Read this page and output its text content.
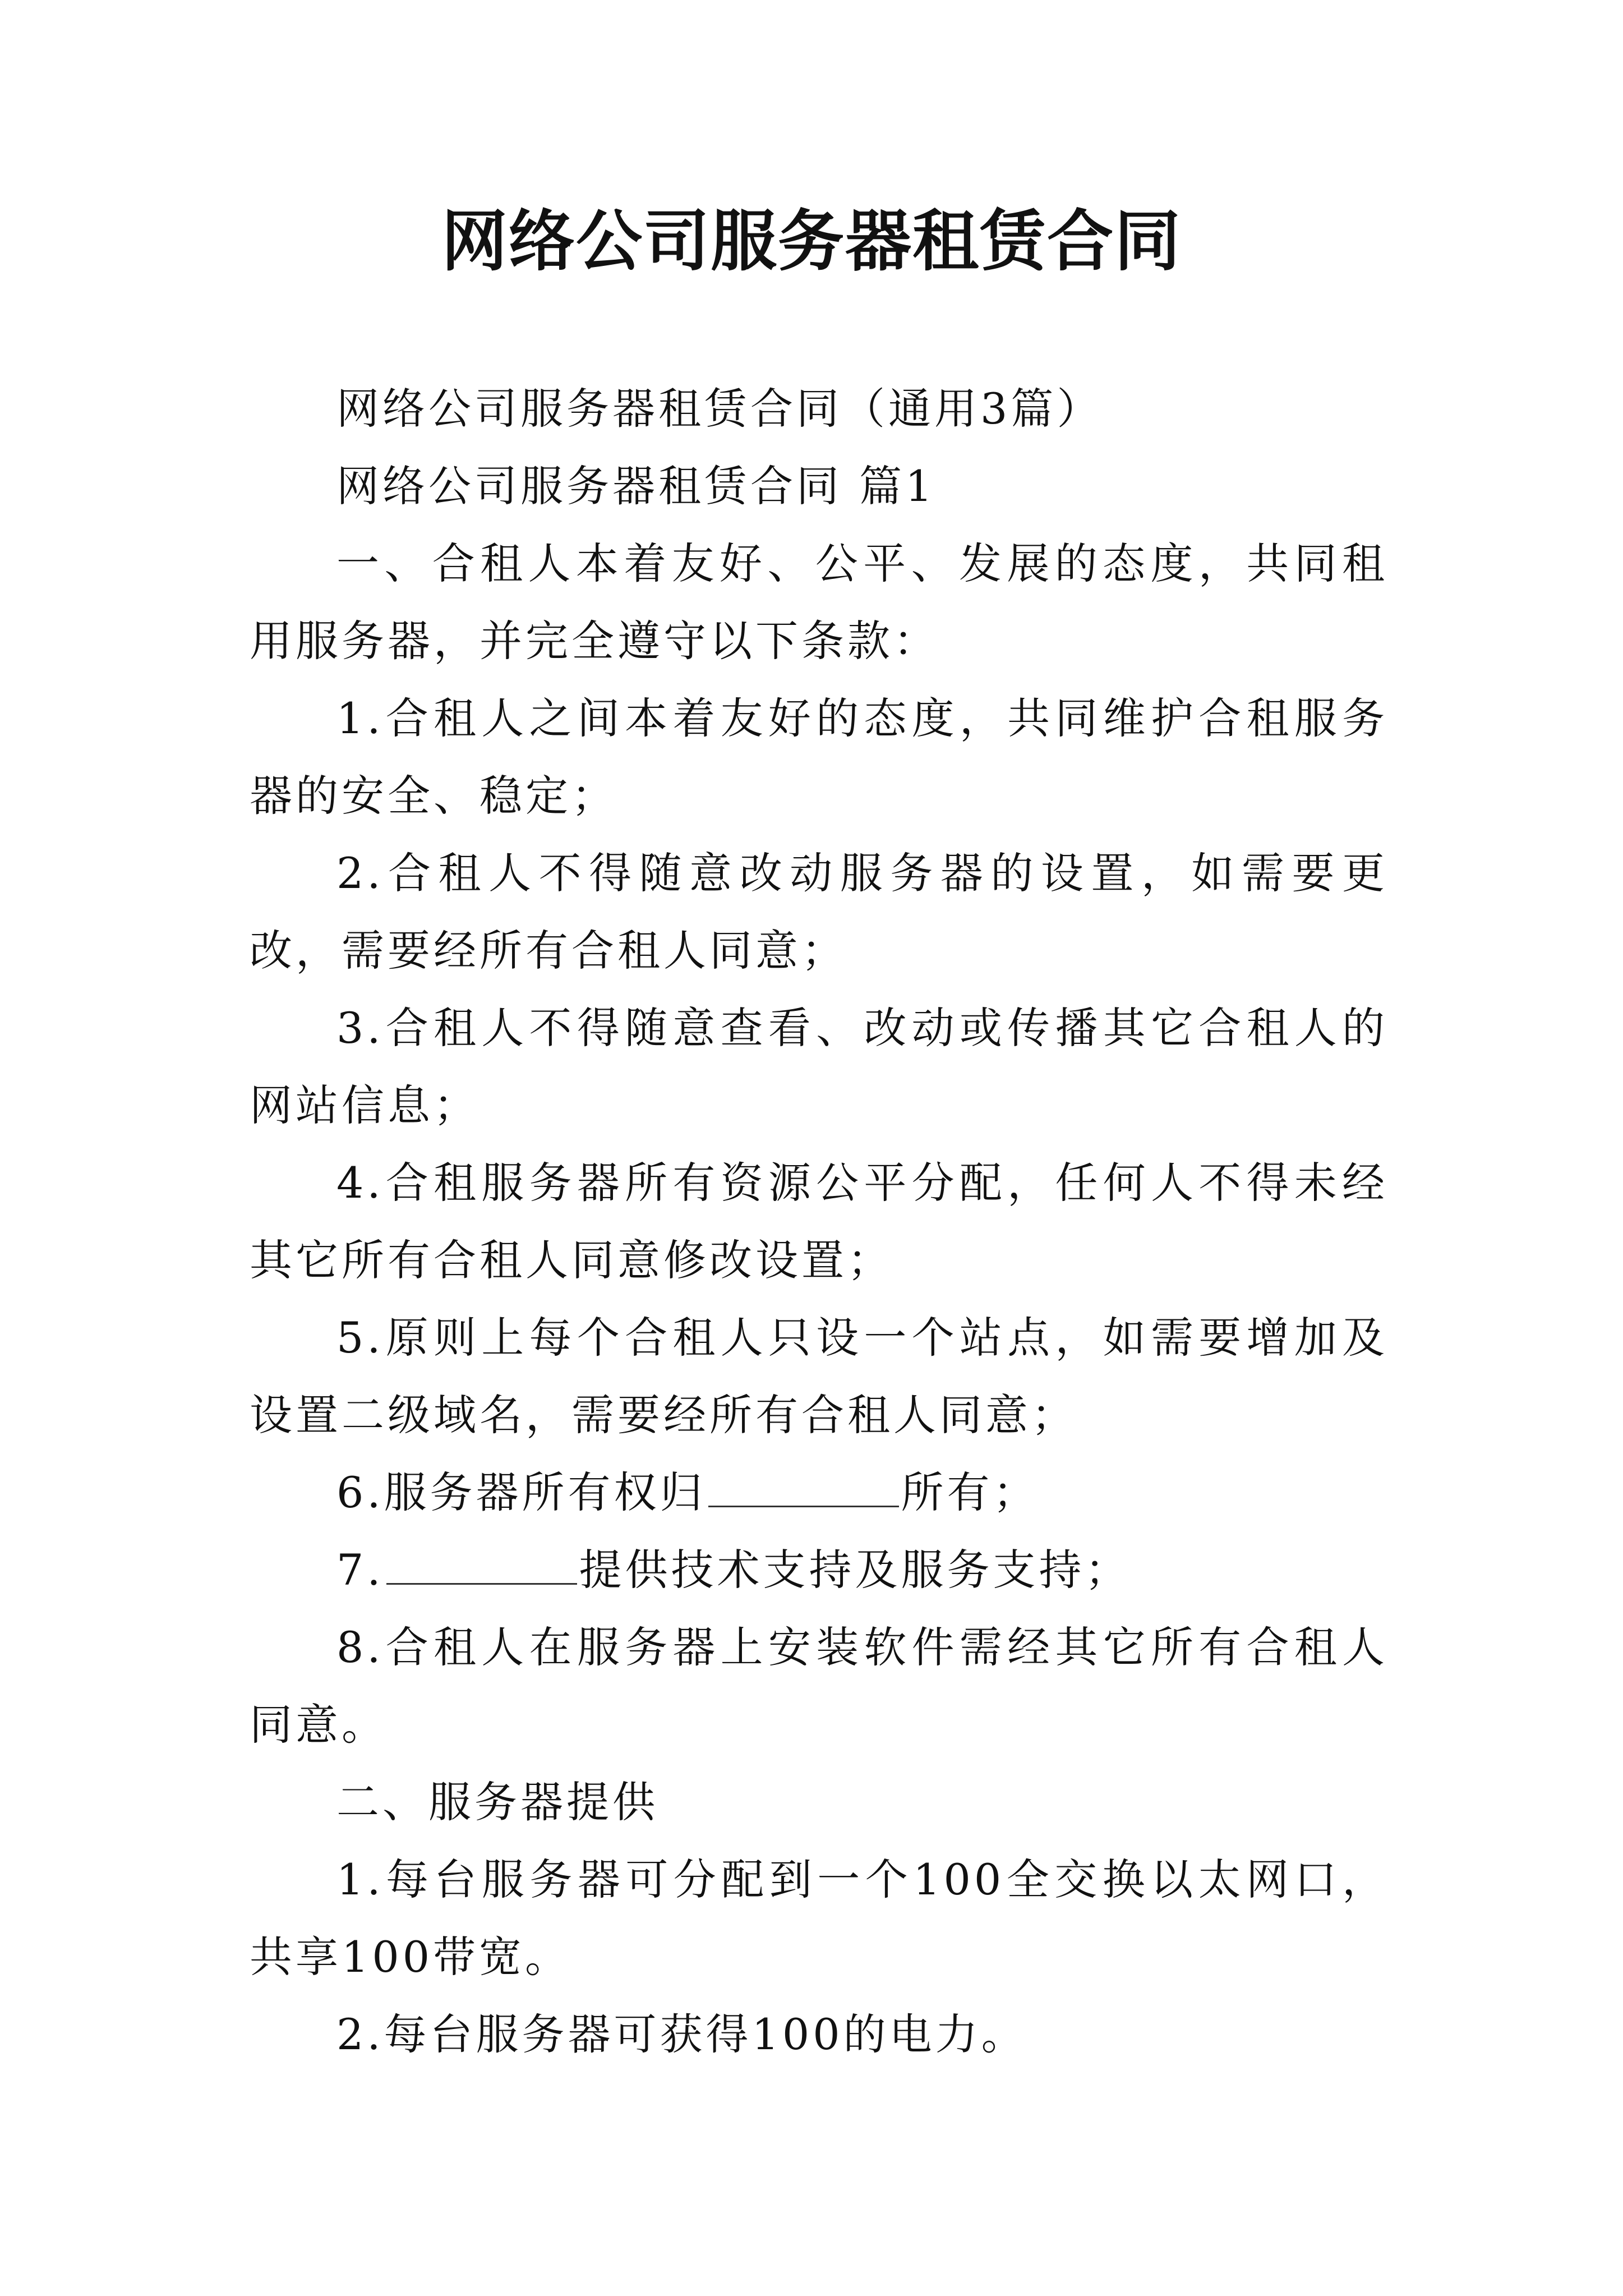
网络公司服务器租赁合同

网络公司服务器租赁合同（通用3篇）

网络公司服务器租赁合同 篇1

一、合租人本着友好、公平、发展的态度，共同租用服务器，并完全遵守以下条款：

1.合租人之间本着友好的态度，共同维护合租服务器的安全、稳定；

2.合租人不得随意改动服务器的设置，如需要更改，需要经所有合租人同意；

3.合租人不得随意查看、改动或传播其它合租人的网站信息；

4.合租服务器所有资源公平分配，任何人不得未经其它所有合租人同意修改设置；

5.原则上每个合租人只设一个站点，如需要增加及设置二级域名，需要经所有合租人同意；

6.服务器所有权归	所有；

7.	提供技术支持及服务支持；

8.合租人在服务器上安装软件需经其它所有合租人同意。

二、服务器提供

1.每台服务器可分配到一个100全交换以太网口，共享100带宽。

2.每台服务器可获得100的电力。
